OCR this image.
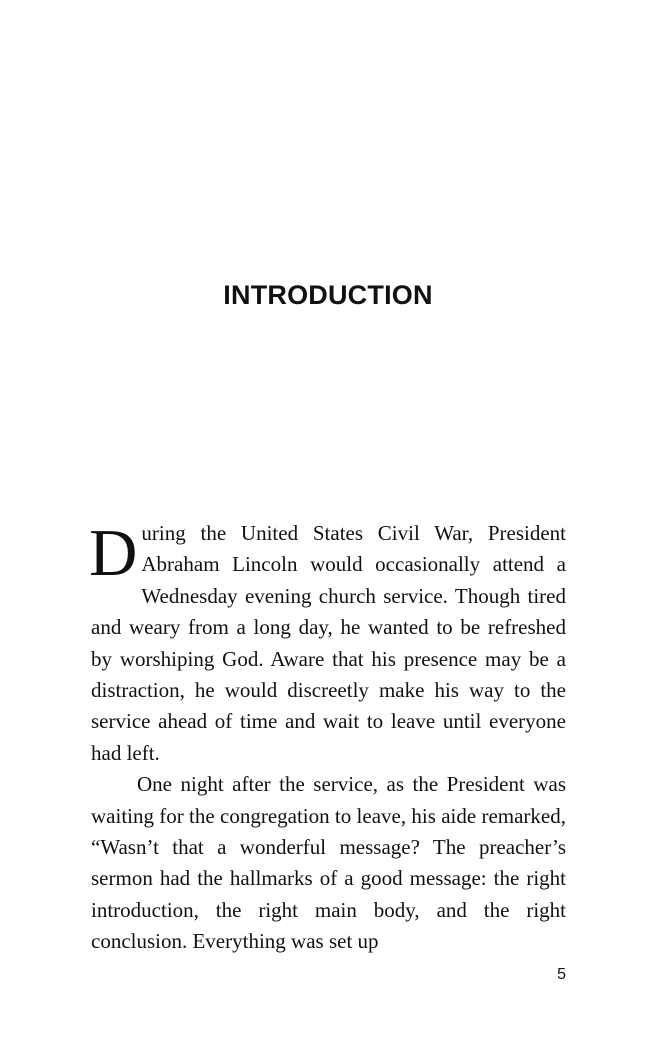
INTRODUCTION

During the United States Civil War, President Abraham Lincoln would occasionally attend a Wednesday evening church service. Though tired and weary from a long day, he wanted to be refreshed by worshiping God. Aware that his presence may be a distraction, he would discreetly make his way to the service ahead of time and wait to leave until everyone had left.

One night after the service, as the President was waiting for the congregation to leave, his aide remarked, “Wasn’t that a wonderful message? The preacher’s sermon had the hallmarks of a good message: the right introduction, the right main body, and the right conclusion. Everything was set up

5
